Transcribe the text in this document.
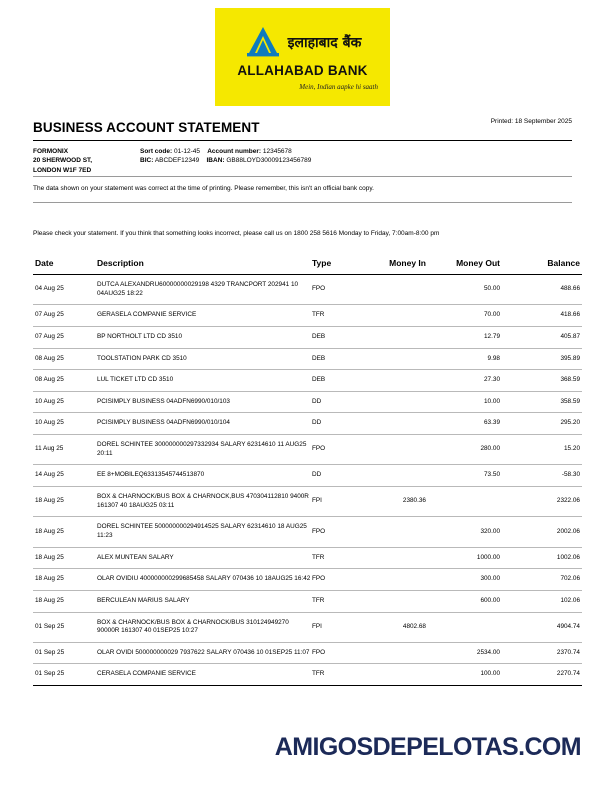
इलाहाबाद बैंक
ALLAHABAD BANK
Mein, Indian aapke hi saath
BUSINESS ACCOUNT STATEMENT	Printed: 18 September 2025
FORMONIX
20 SHERWOOD ST,
LONDON W1F 7ED
Sort code: 01-12-45 Account number: 12345678
BIC: ABCDEF12349 IBAN: GB88LOYD30009123456789
The data shown on your statement was correct at the time of printing. Please remember, this isn't an official bank copy.
Please check your statement. If you think that something looks incorrect, please call us on 1800 258 5616 Monday to Friday, 7:00am-8:00 pm
Date	Description	Type	Money In	Money Out	Balance
04 Aug 25	DUTCA ALEXANDRU60000000029198 4329 TRANCPORT 202941 10 04AUG25 18:22	FPO		50.00	488.66
07 Aug 25	GERASELA COMPANIE SERVICE	TFR		70.00	418.66
07 Aug 25	BP NORTHOLT LTD CD 3510	DEB		12.79	405.87
08 Aug 25	TOOLSTATION PARK CD 3510	DEB		9.98	395.89
08 Aug 25	LUL TICKET LTD CD 3510	DEB		27.30	368.59
10 Aug 25	PCISIMPLY BUSINESS 04ADFN6990/010/103	DD		10.00	358.59
10 Aug 25	PCISIMPLY BUSINESS 04ADFN6990/010/104	DD		63.39	295.20
11 Aug 25	DOREL SCHINTEE 300000000297332934 SALARY 62314610 11 AUG25 20:11	FPO		280.00	15.20
14 Aug 25	EE 8+MOBILEQ63313545744513870	DD		73.50	-58.30
18 Aug 25	BOX & CHARNOCK/BUS BOX & CHARNOCK,BUS 470304112810 9400R 161307 40 18AUG25 03:11	FPI	2380.36		2322.06
18 Aug 25	DOREL SCHINTEE 500000000294914525 SALARY 62314610 18 AUG25 11:23	FPO		320.00	2002.06
18 Aug 25	ALEX MUNTEAN SALARY	TFR		1000.00	1002.06
18 Aug 25	OLAR OVIDIU 400000000299685458 SALARY 070436 10 18AUG25 16:42	FPO		300.00	702.06
18 Aug 25	BERCULEAN MARIUS SALARY	TFR		600.00	102.06
01 Sep 25	BOX & CHARNOCK/BUS BOX & CHARNOCK/BUS 310124949270 90000R 161307 40 01SEP25 10:27	FPI	4802.68		4904.74
01 Sep 25	OLAR OVIDI 500000000029 7937622 SALARY 070436 10 01SEP25 11:07	FPO		2534.00	2370.74
01 Sep 25	CERASELA COMPANIE SERVICE	TFR		100.00	2270.74
AMIGOSDEPELOTAS.COM
